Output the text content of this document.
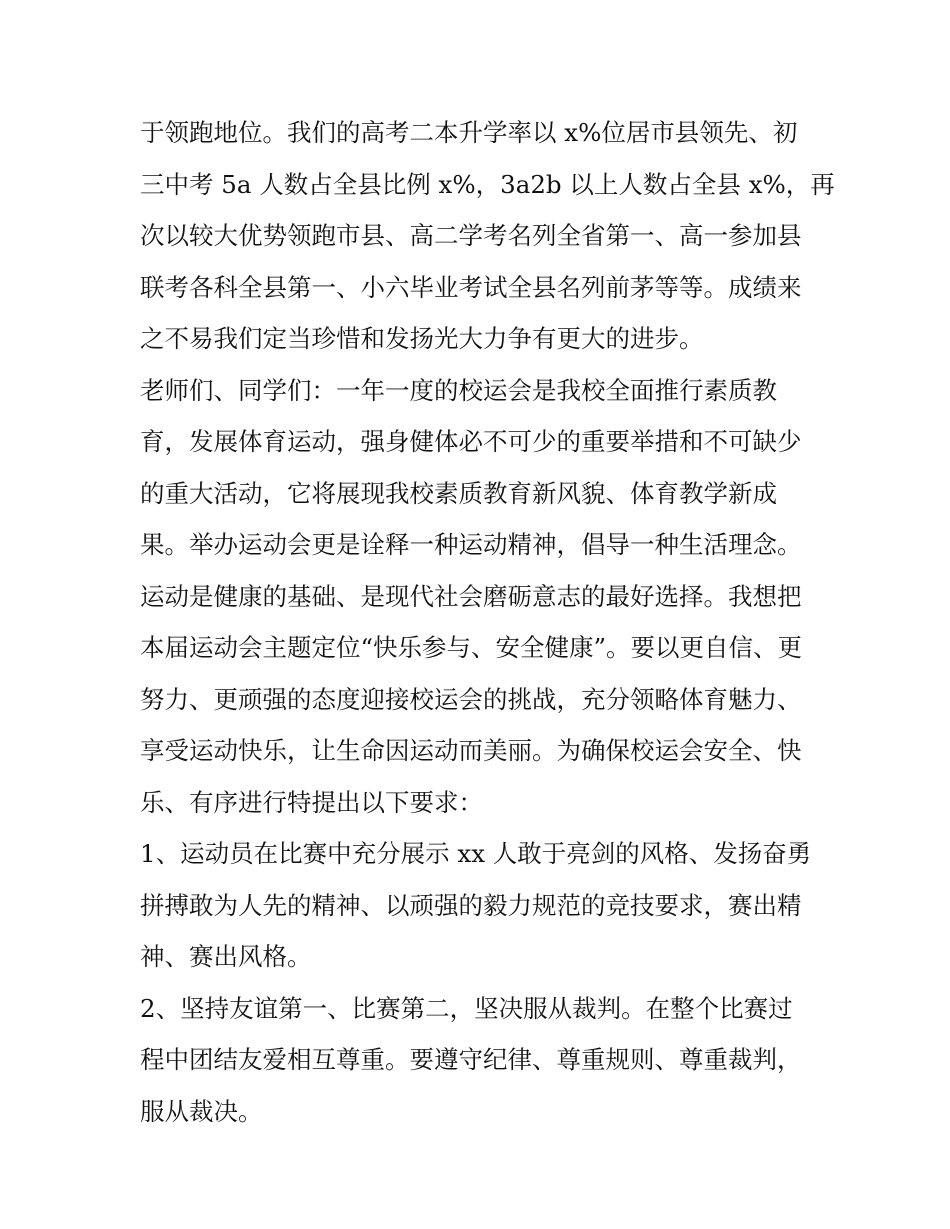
于领跑地位。我们的高考二本升学率以 x%位居市县领先、初
三中考 5a 人数占全县比例 x%，3a2b 以上人数占全县 x%，再
次以较大优势领跑市县、高二学考名列全省第一、高一参加县
联考各科全县第一、小六毕业考试全县名列前茅等等。成绩来
之不易我们定当珍惜和发扬光大力争有更大的进步。

老师们、同学们：一年一度的校运会是我校全面推行素质教
育，发展体育运动，强身健体必不可少的重要举措和不可缺少
的重大活动，它将展现我校素质教育新风貌、体育教学新成
果。举办运动会更是诠释一种运动精神，倡导一种生活理念。
运动是健康的基础、是现代社会磨砺意志的最好选择。我想把
本届运动会主题定位“快乐参与、安全健康”。要以更自信、更
努力、更顽强的态度迎接校运会的挑战，充分领略体育魅力、
享受运动快乐，让生命因运动而美丽。为确保校运会安全、快
乐、有序进行特提出以下要求：

1、运动员在比赛中充分展示 xx 人敢于亮剑的风格、发扬奋勇
拼搏敢为人先的精神、以顽强的毅力规范的竞技要求，赛出精
神、赛出风格。

2、坚持友谊第一、比赛第二，坚决服从裁判。在整个比赛过
程中团结友爱相互尊重。要遵守纪律、尊重规则、尊重裁判，
服从裁决。
